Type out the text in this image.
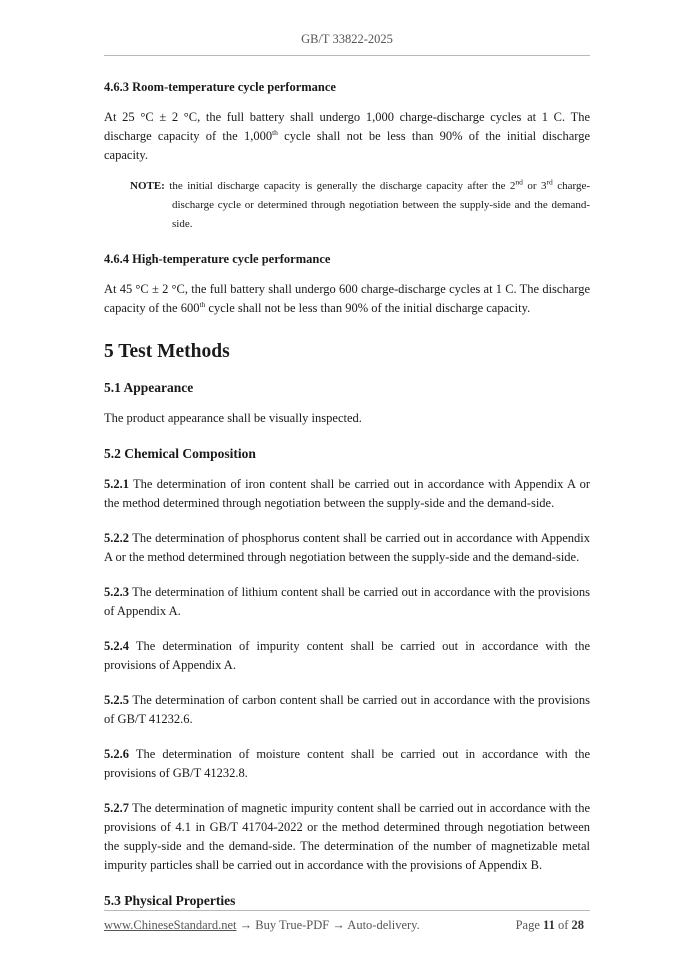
GB/T 33822-2025
4.6.3 Room-temperature cycle performance

At 25 °C ± 2 °C, the full battery shall undergo 1,000 charge-discharge cycles at 1 C. The discharge capacity of the 1,000th cycle shall not be less than 90% of the initial discharge capacity.

NOTE: the initial discharge capacity is generally the discharge capacity after the 2nd or 3rd charge-discharge cycle or determined through negotiation between the supply-side and the demand-side.
4.6.4 High-temperature cycle performance

At 45 °C ± 2 °C, the full battery shall undergo 600 charge-discharge cycles at 1 C. The discharge capacity of the 600th cycle shall not be less than 90% of the initial discharge capacity.

5 Test Methods
5.1 Appearance

The product appearance shall be visually inspected.

5.2 Chemical Composition

5.2.1 The determination of iron content shall be carried out in accordance with Appendix A or the method determined through negotiation between the supply-side and the demand-side.

5.2.2 The determination of phosphorus content shall be carried out in accordance with Appendix A or the method determined through negotiation between the supply-side and the demand-side.

5.2.3 The determination of lithium content shall be carried out in accordance with the provisions of Appendix A.

5.2.4 The determination of impurity content shall be carried out in accordance with the provisions of Appendix A.

5.2.5 The determination of carbon content shall be carried out in accordance with the provisions of GB/T 41232.6.

5.2.6 The determination of moisture content shall be carried out in accordance with the provisions of GB/T 41232.8.

5.2.7 The determination of magnetic impurity content shall be carried out in accordance with the provisions of 4.1 in GB/T 41704-2022 or the method determined through negotiation between the supply-side and the demand-side. The determination of the number of magnetizable metal impurity particles shall be carried out in accordance with the provisions of Appendix B.

5.3 Physical Properties
www.ChineseStandard.net → Buy True-PDF → Auto-delivery.	Page 11 of 28
